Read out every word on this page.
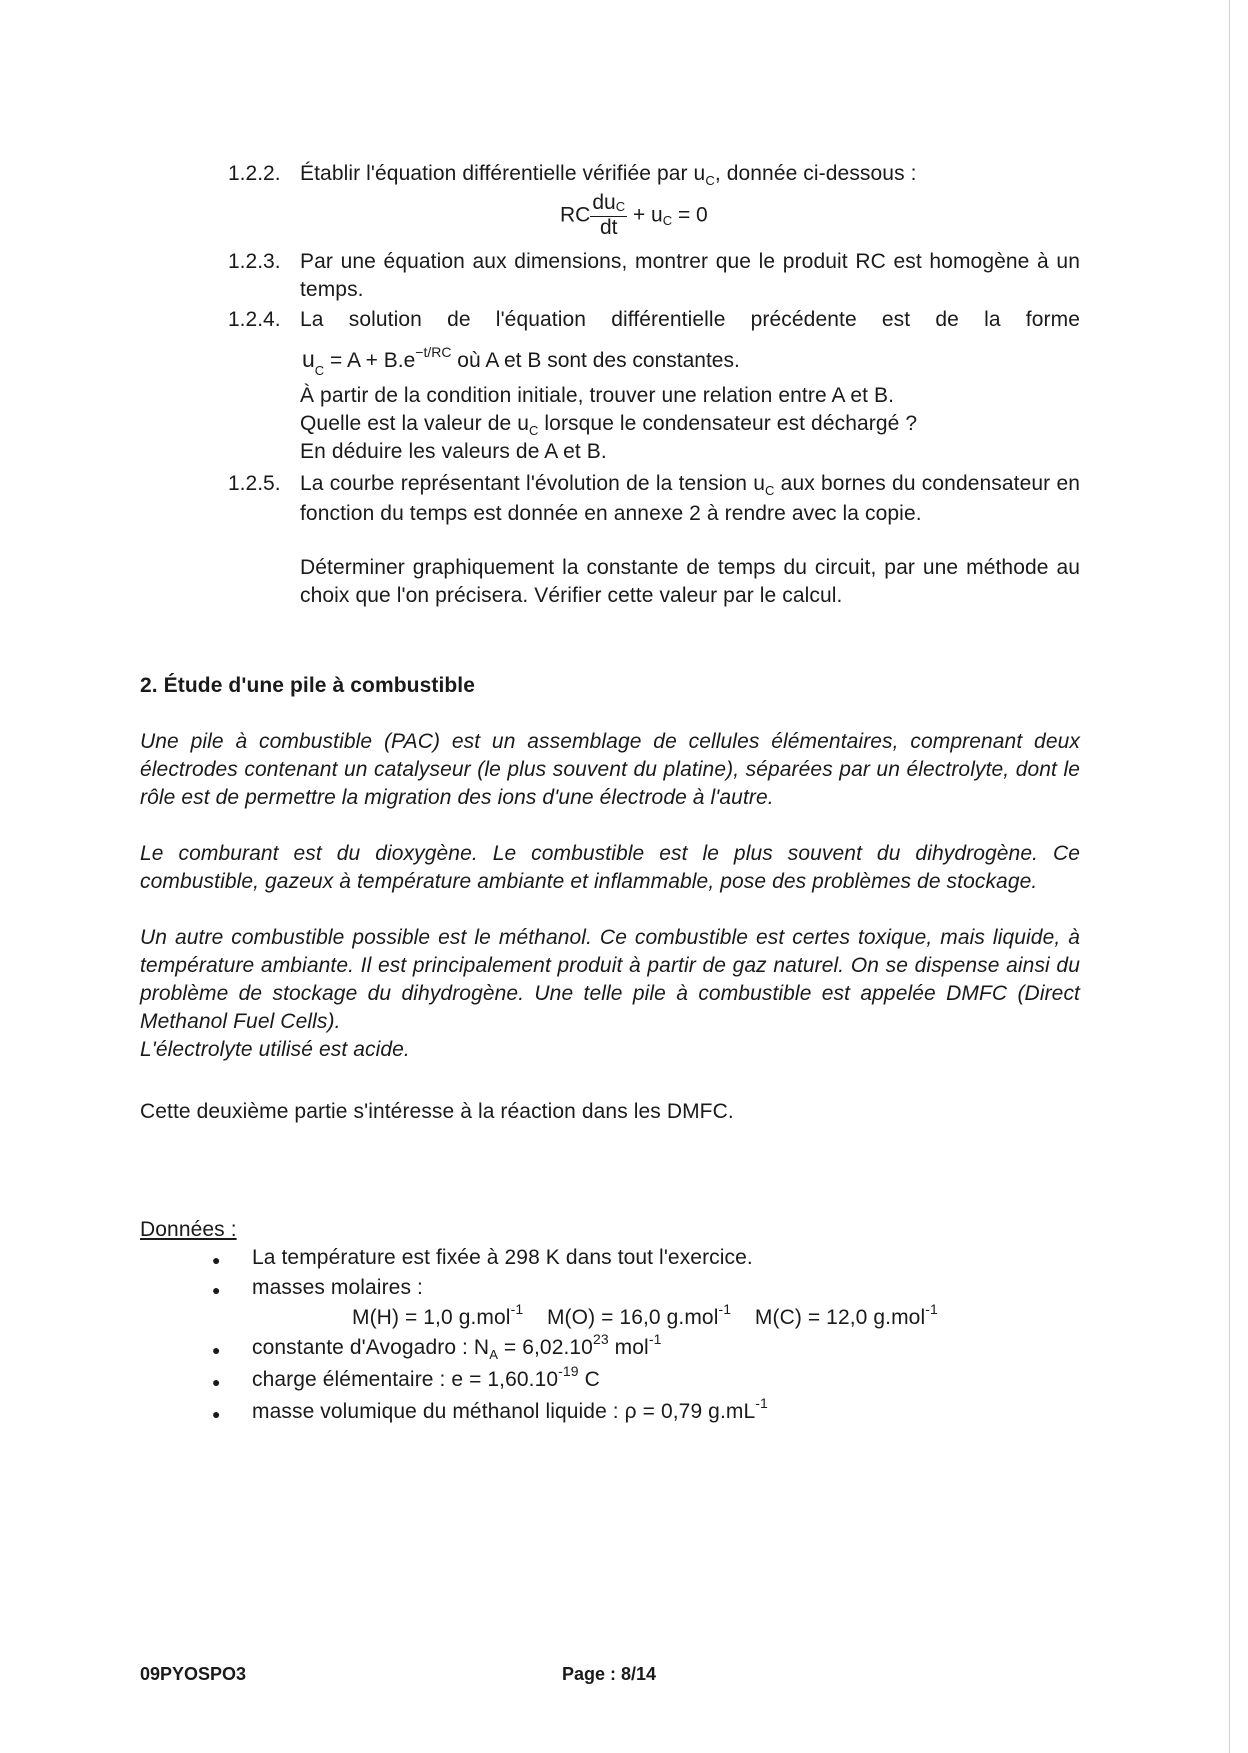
1.2.2. Établir l'équation différentielle vérifiée par $u_C$, donnée ci-dessous :
RC $\frac{\text{duC}}{dt} + u_C = 0$
1.2.3. Par une équation aux dimensions, montrer que le produit RC est homogène à un temps.
1.2.4. La solution de l'équation différentielle précédente est de la forme
$u_C = A + B.e^{-t/RC}$ où A et B sont des constantes.
À partir de la condition initiale, trouver une relation entre A et B.
Quelle est la valeur de $u_C$ lorsque le condensateur est déchargé ?
En déduire les valeurs de A et B.
1.2.5. La courbe représentant l'évolution de la tension $u_C$ aux bornes du condensateur en fonction du temps est donnée en annexe 2 à rendre avec la copie.
Déterminer graphiquement la constante de temps du circuit, par une méthode au choix que l'on précisera. Vérifier cette valeur par le calcul.
2. Étude d'une pile à combustible
Une pile à combustible (PAC) est un assemblage de cellules élémentaires, comprenant deux électrodes contenant un catalyseur (le plus souvent du platine), séparées par un électrolyte, dont le rôle est de permettre la migration des ions d'une électrode à l'autre.
Le comburant est du dioxygène. Le combustible est le plus souvent du dihydrogène. Ce combustible, gazeux à température ambiante et inflammable, pose des problèmes de stockage.
Un autre combustible possible est le méthanol. Ce combustible est certes toxique, mais liquide, à température ambiante. Il est principalement produit à partir de gaz naturel. On se dispense ainsi du problème de stockage du dihydrogène. Une telle pile à combustible est appelée DMFC (Direct Methanol Fuel Cells).
L'électrolyte utilisé est acide.
Cette deuxième partie s'intéresse à la réaction dans les DMFC.
Données :
● La température est fixée à 298 K dans tout l'exercice.
● masses molaires :
M(H) = 1,0 g.mol$^{-1}$ M(O) = 16,0 g.mol$^{-1}$ M(C) = 12,0 g.mol$^{-1}$
● constante d'Avogadro : $N_A = 6,02.10^{23}$ mol$^{-1}$
● charge élémentaire : $e = 1,60.10^{-19}$ C
● masse volumique du méthanol liquide : ρ = 0,79 $g.mL^{-1}$
09PYOSPO3	Page : 8/14
